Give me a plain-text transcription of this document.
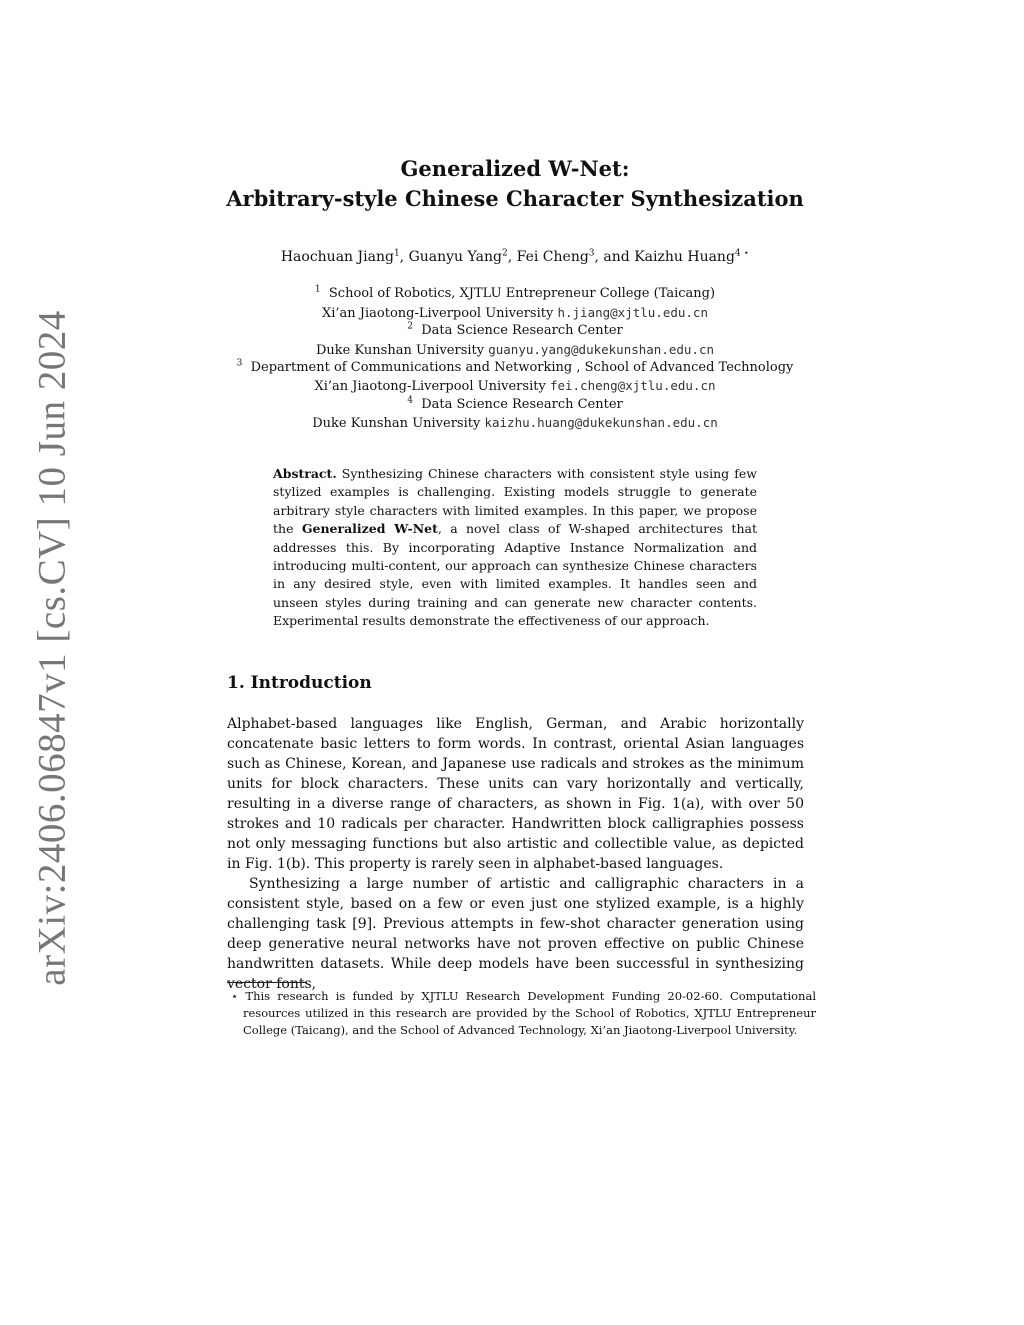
arXiv:2406.06847v1 [cs.CV] 10 Jun 2024
Generalized W-Net:
Arbitrary-style Chinese Character Synthesization

Haochuan Jiang$^1$, Guanyu Yang$^2$, Fei Cheng$^3$, and Kaizhu Huang$^{4 ⋆}$

$^1$ School of Robotics, XJTLU Entrepreneur College (Taicang)

Xi’an Jiaotong-Liverpool University h.jiang@xjtlu.edu.cn

$^2$ Data Science Research Center

Duke Kunshan University guanyu.yang@dukekunshan.edu.cn

$^3$ Department of Communications and Networking , School of Advanced Technology

Xi’an Jiaotong-Liverpool University fei.cheng@xjtlu.edu.cn

$^4$ Data Science Research Center

Duke Kunshan University kaizhu.huang@dukekunshan.edu.cn

Abstract. Synthesizing Chinese characters with consistent style using few stylized examples is challenging. Existing models struggle to generate arbitrary style characters with limited examples. In this paper, we propose the Generalized W-Net, a novel class of W-shaped architectures that addresses this. By incorporating Adaptive Instance Normalization and introducing multi-content, our approach can synthesize Chinese characters in any desired style, even with limited examples. It handles seen and unseen styles during training and can generate new character contents. Experimental results demonstrate the effectiveness of our approach.

1. Introduction

Alphabet-based languages like English, German, and Arabic horizontally concatenate basic letters to form words. In contrast, oriental Asian languages such as Chinese, Korean, and Japanese use radicals and strokes as the minimum units for block characters. These units can vary horizontally and vertically, resulting in a diverse range of characters, as shown in Fig. 1(a), with over 50 strokes and 10 radicals per character. Handwritten block calligraphies possess not only messaging functions but also artistic and collectible value, as depicted in Fig. 1(b). This property is rarely seen in alphabet-based languages.

Synthesizing a large number of artistic and calligraphic characters in a consistent style, based on a few or even just one stylized example, is a highly challenging task [9]. Previous attempts in few-shot character generation using deep generative neural networks have not proven effective on public Chinese handwritten datasets. While deep models have been successful in synthesizing vector fonts,

⋆ This research is funded by XJTLU Research Development Funding 20-02-60. Computational resources utilized in this research are provided by the School of Robotics, XJTLU Entrepreneur College (Taicang), and the School of Advanced Technology, Xi’an Jiaotong-Liverpool University.
